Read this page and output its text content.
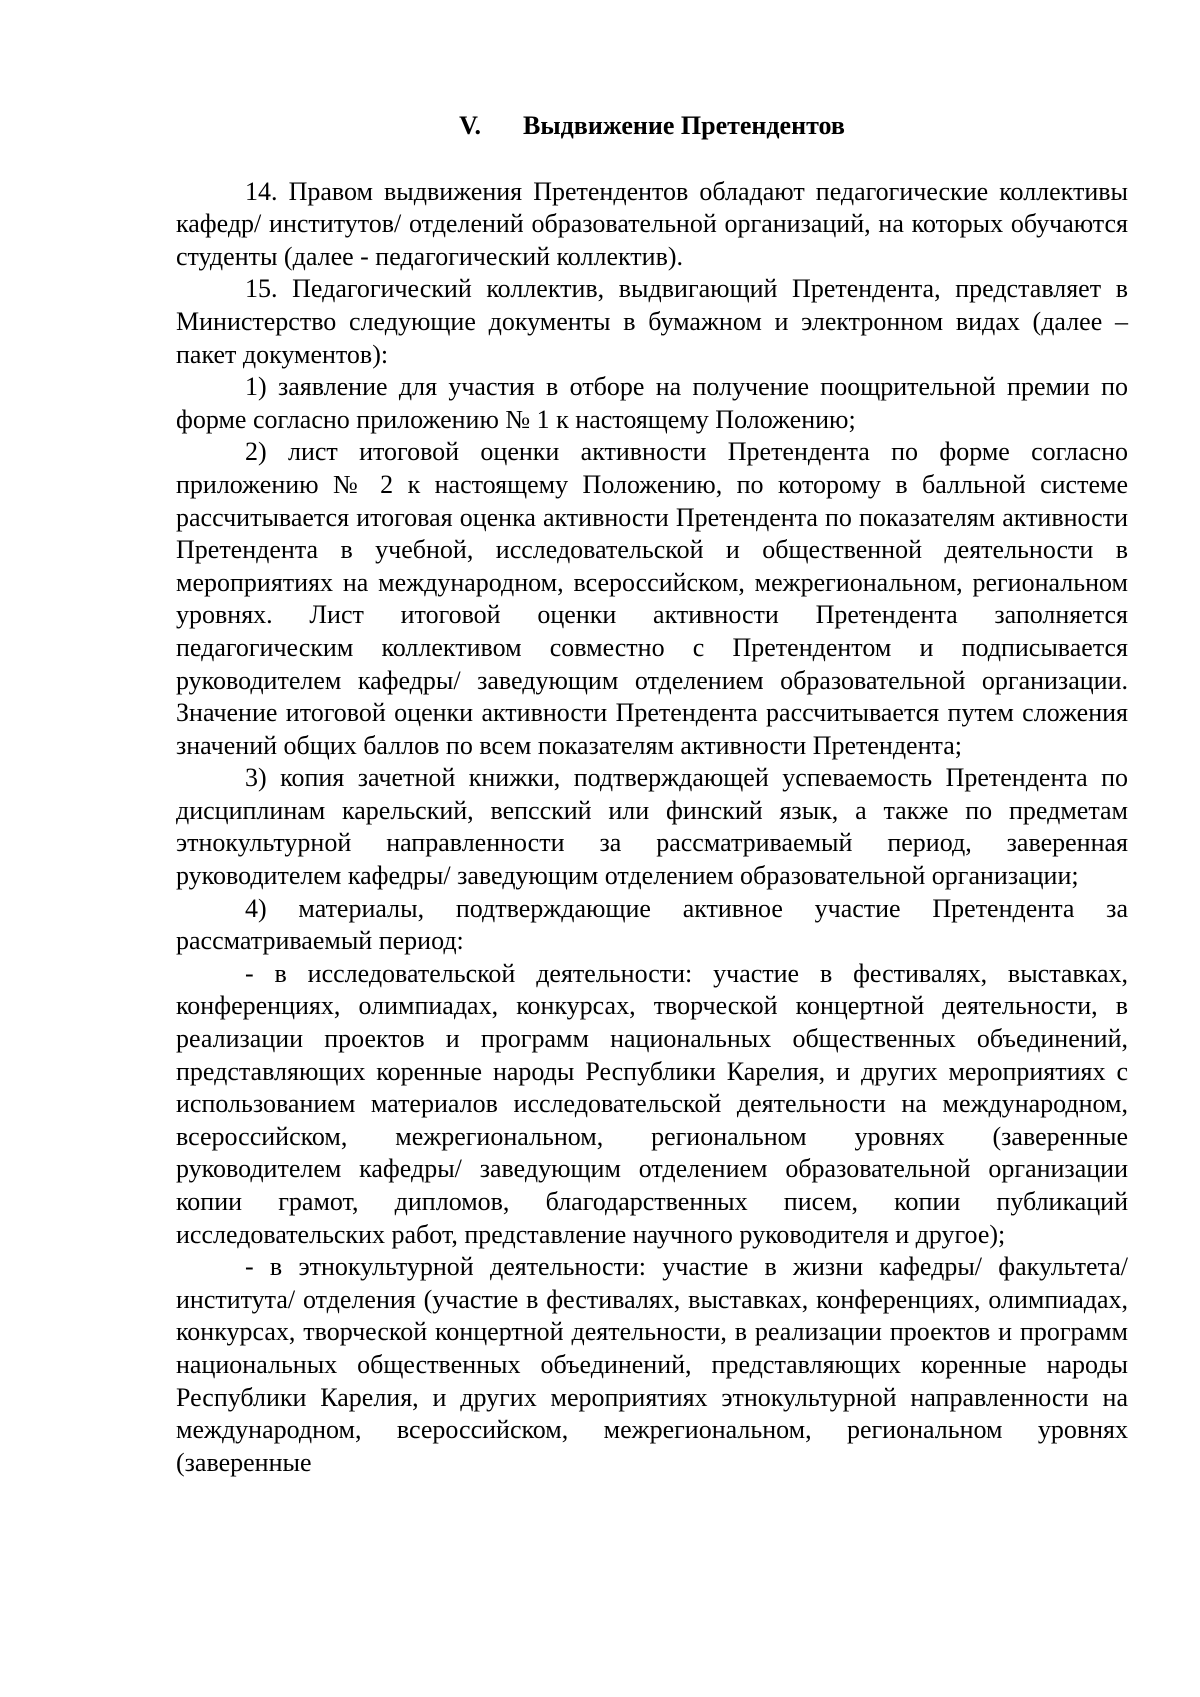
V. Выдвижение Претендентов

14. Правом выдвижения Претендентов обладают педагогические коллективы кафедр/ институтов/ отделений образовательной организаций, на которых обучаются студенты (далее - педагогический коллектив).

15. Педагогический коллектив, выдвигающий Претендента, представляет в Министерство следующие документы в бумажном и электронном видах (далее – пакет документов):

1) заявление для участия в отборе на получение поощрительной премии по форме согласно приложению № 1 к настоящему Положению;

2) лист итоговой оценки активности Претендента по форме согласно приложению № 2 к настоящему Положению, по которому в балльной системе рассчитывается итоговая оценка активности Претендента по показателям активности Претендента в учебной, исследовательской и общественной деятельности в мероприятиях на международном, всероссийском, межрегиональном, региональном уровнях. Лист итоговой оценки активности Претендента заполняется педагогическим коллективом совместно с Претендентом и подписывается руководителем кафедры/ заведующим отделением образовательной организации. Значение итоговой оценки активности Претендента рассчитывается путем сложения значений общих баллов по всем показателям активности Претендента;

3) копия зачетной книжки, подтверждающей успеваемость Претендента по дисциплинам карельский, вепсский или финский язык, а также по предметам этнокультурной направленности за рассматриваемый период, заверенная руководителем кафедры/ заведующим отделением образовательной организации;

4) материалы, подтверждающие активное участие Претендента за рассматриваемый период:

- в исследовательской деятельности: участие в фестивалях, выставках, конференциях, олимпиадах, конкурсах, творческой концертной деятельности, в реализации проектов и программ национальных общественных объединений, представляющих коренные народы Республики Карелия, и других мероприятиях с использованием материалов исследовательской деятельности на международном, всероссийском, межрегиональном, региональном уровнях (заверенные руководителем кафедры/ заведующим отделением образовательной организации копии грамот, дипломов, благодарственных писем, копии публикаций исследовательских работ, представление научного руководителя и другое);

- в этнокультурной деятельности: участие в жизни кафедры/ факультета/ института/ отделения (участие в фестивалях, выставках, конференциях, олимпиадах, конкурсах, творческой концертной деятельности, в реализации проектов и программ национальных общественных объединений, представляющих коренные народы Республики Карелия, и других мероприятиях этнокультурной направленности на международном, всероссийском, межрегиональном, региональном уровнях (заверенные
